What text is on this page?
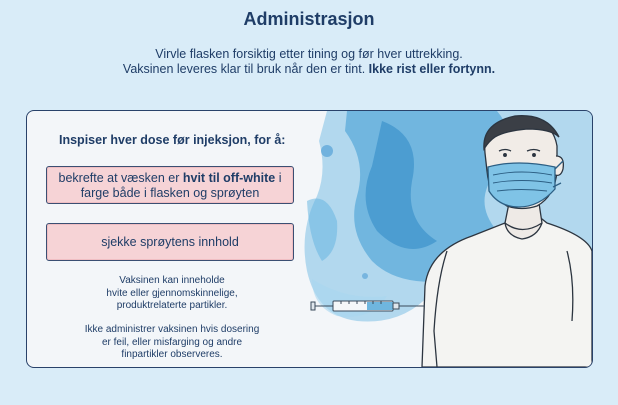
Administrasjon
Virvle flasken forsiktig etter tining og før hver uttrekking.
Vaksinen leveres klar til bruk når den er tint. Ikke rist eller fortynn.
Inspiser hver dose før injeksjon, for å:
bekrefte at væsken er hvit til off-white i
farge både i flasken og sprøyten
sjekke sprøytens innhold
Vaksinen kan inneholde
hvite eller gjennomskinnelige,
produktrelaterte partikler.
Ikke administrer vaksinen hvis dosering
er feil, eller misfarging og andre
finpartikler observeres.
